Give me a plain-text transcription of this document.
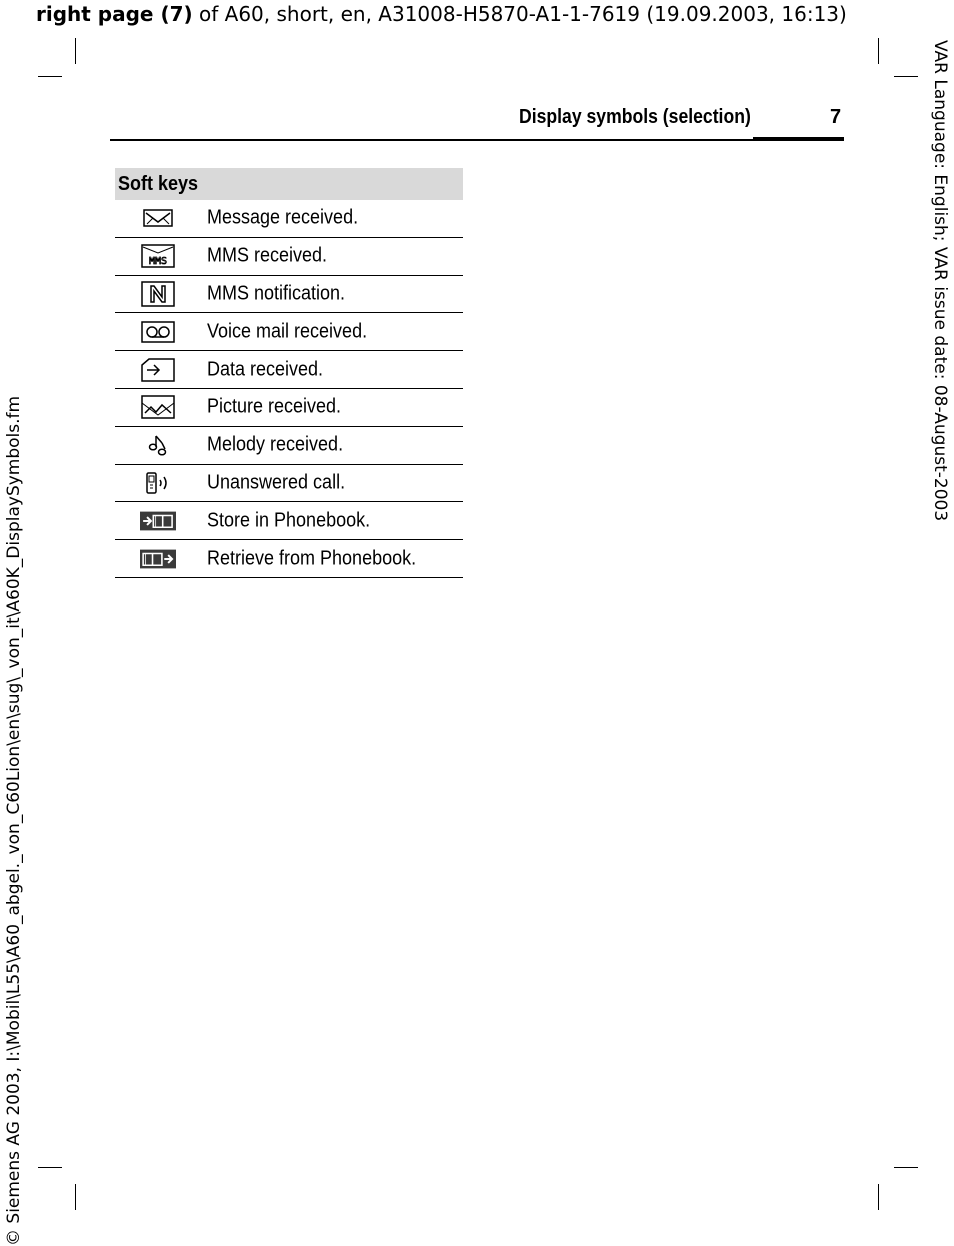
right page (7) of A60, short, en, A31008-H5870-A1-1-7619 (19.09.2003, 16:13)
VAR Language: English; VAR issue date: 08-August-2003
© Siemens AG 2003, I:\Mobil\L55\A60_abgel._von_C60Lion\en\sug\_von_it\A60K_DisplaySymbols.fm
Display symbols (selection)	7
Soft keys
Message received.
MMS MMS received.
MMS notification.
Voice mail received.
Data received.
Picture received.
Melody received.
Unanswered call.
Store in Phonebook.
Retrieve from Phonebook.
